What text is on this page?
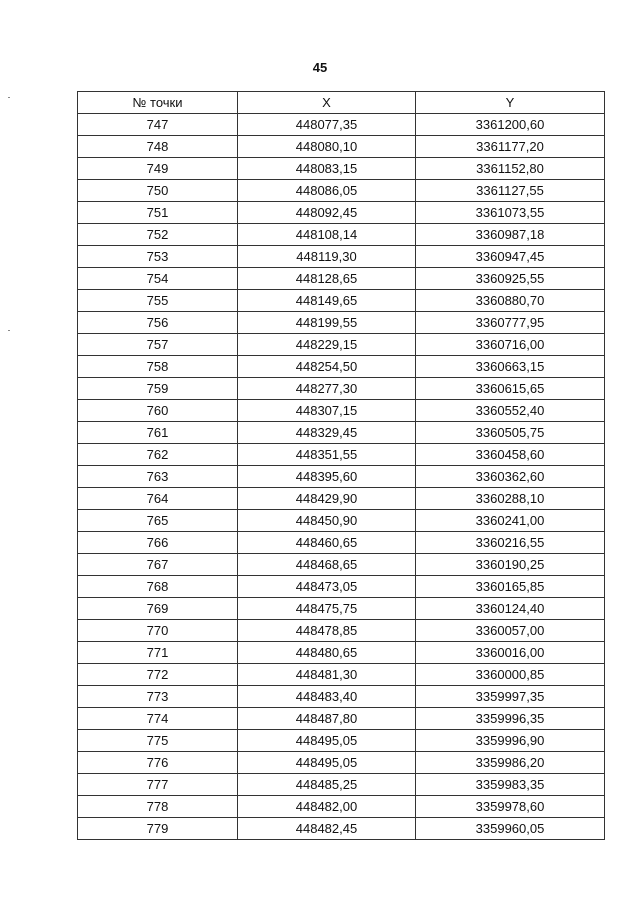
45
№ точки	X	Y
747	448077,35	3361200,60
748	448080,10	3361177,20
749	448083,15	3361152,80
750	448086,05	3361127,55
751	448092,45	3361073,55
752	448108,14	3360987,18
753	448119,30	3360947,45
754	448128,65	3360925,55
755	448149,65	3360880,70
756	448199,55	3360777,95
757	448229,15	3360716,00
758	448254,50	3360663,15
759	448277,30	3360615,65
760	448307,15	3360552,40
761	448329,45	3360505,75
762	448351,55	3360458,60
763	448395,60	3360362,60
764	448429,90	3360288,10
765	448450,90	3360241,00
766	448460,65	3360216,55
767	448468,65	3360190,25
768	448473,05	3360165,85
769	448475,75	3360124,40
770	448478,85	3360057,00
771	448480,65	3360016,00
772	448481,30	3360000,85
773	448483,40	3359997,35
774	448487,80	3359996,35
775	448495,05	3359996,90
776	448495,05	3359986,20
777	448485,25	3359983,35
778	448482,00	3359978,60
779	448482,45	3359960,05
